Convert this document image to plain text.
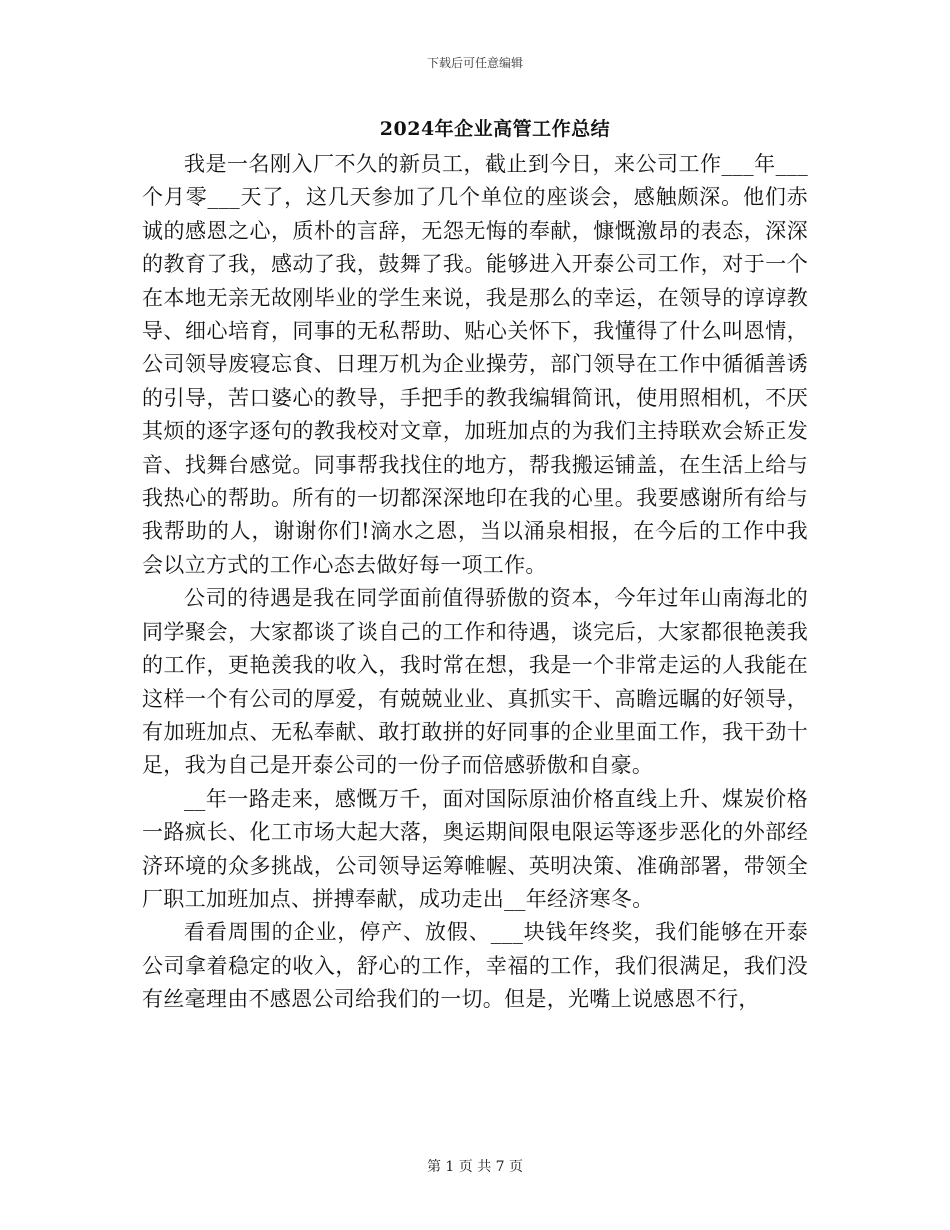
下载后可任意编辑
2024年企业高管工作总结

我是一名刚入厂不久的新员工，截止到今日，来公司工作___年___个月零___天了，这几天参加了几个单位的座谈会，感触颇深。他们赤诚的感恩之心，质朴的言辞，无怨无悔的奉献，慷慨激昂的表态，深深的教育了我，感动了我，鼓舞了我。能够进入开泰公司工作，对于一个在本地无亲无故刚毕业的学生来说，我是那么的幸运，在领导的谆谆教导、细心培育，同事的无私帮助、贴心关怀下，我懂得了什么叫恩情，公司领导废寝忘食、日理万机为企业操劳，部门领导在工作中循循善诱的引导，苦口婆心的教导，手把手的教我编辑简讯，使用照相机，不厌其烦的逐字逐句的教我校对文章，加班加点的为我们主持联欢会矫正发音、找舞台感觉。同事帮我找住的地方，帮我搬运铺盖，在生活上给与我热心的帮助。所有的一切都深深地印在我的心里。我要感谢所有给与我帮助的人，谢谢你们!滴水之恩，当以涌泉相报，在今后的工作中我会以立方式的工作心态去做好每一项工作。

公司的待遇是我在同学面前值得骄傲的资本，今年过年山南海北的同学聚会，大家都谈了谈自己的工作和待遇，谈完后，大家都很艳羡我的工作，更艳羡我的收入，我时常在想，我是一个非常走运的人我能在这样一个有公司的厚爱，有兢兢业业、真抓实干、高瞻远瞩的好领导，有加班加点、无私奉献、敢打敢拼的好同事的企业里面工作，我干劲十足，我为自己是开泰公司的一份子而倍感骄傲和自豪。

__年一路走来，感慨万千，面对国际原油价格直线上升、煤炭价格一路疯长、化工市场大起大落，奥运期间限电限运等逐步恶化的外部经济环境的众多挑战，公司领导运筹帷幄、英明决策、准确部署，带领全厂职工加班加点、拼搏奉献，成功走出__年经济寒冬。

看看周围的企业，停产、放假、___块钱年终奖，我们能够在开泰公司拿着稳定的收入，舒心的工作，幸福的工作，我们很满足，我们没有丝毫理由不感恩公司给我们的一切。但是，光嘴上说感恩不行，

第 1 页 共 7 页
